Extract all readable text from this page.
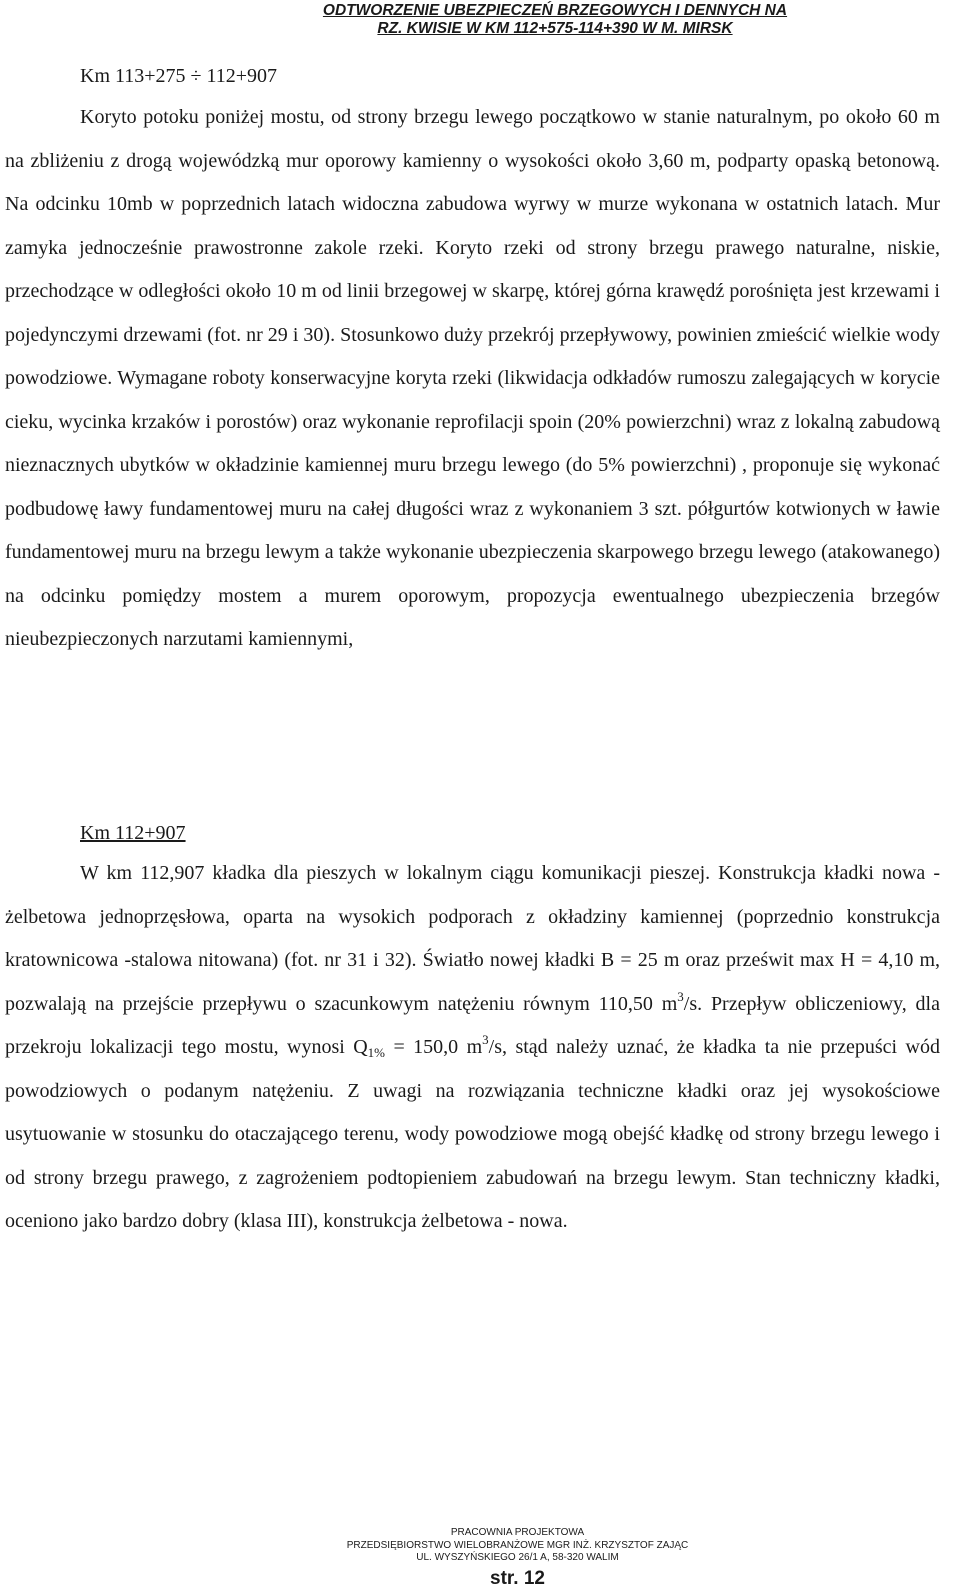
ODTWORZENIE UBEZPIECZEŃ BRZEGOWYCH I DENNYCH NA
RZ. KWISIE W KM 112+575-114+390 W M. MIRSK
Km 113+275 ÷ 112+907
Koryto potoku poniżej mostu, od strony brzegu lewego początkowo w stanie naturalnym, po około 60 m na zbliżeniu z drogą wojewódzką mur oporowy kamienny o wysokości około 3,60 m, podparty opaską betonową. Na odcinku 10mb w poprzednich latach widoczna zabudowa wyrwy w murze wykonana w ostatnich latach. Mur zamyka jednocześnie prawostronne zakole rzeki. Koryto rzeki od strony brzegu prawego naturalne, niskie, przechodzące w odległości około 10 m od linii brzegowej w skarpę, której górna krawędź porośnięta jest krzewami i pojedynczymi drzewami (fot. nr 29 i 30). Stosunkowo duży przekrój przepływowy, powinien zmieścić wielkie wody powodziowe. Wymagane roboty konserwacyjne koryta rzeki (likwidacja odkładów rumoszu zalegających w korycie cieku, wycinka krzaków i porostów) oraz wykonanie reprofilacji spoin (20% powierzchni) wraz z lokalną zabudową nieznacznych ubytków w okładzinie kamiennej muru brzegu lewego (do 5% powierzchni) , proponuje się wykonać podbudowę ławy fundamentowej muru na całej długości wraz z wykonaniem 3 szt. półgurtów kotwionych w ławie fundamentowej muru na brzegu lewym a także wykonanie ubezpieczenia skarpowego brzegu lewego (atakowanego) na odcinku pomiędzy mostem a murem oporowym, propozycja ewentualnego ubezpieczenia brzegów nieubezpieczonych narzutami kamiennymi,
Km 112+907
W km 112,907 kładka dla pieszych w lokalnym ciągu komunikacji pieszej. Konstrukcja kładki nowa - żelbetowa jednoprzęsłowa, oparta na wysokich podporach z okładziny kamiennej (poprzednio konstrukcja kratownicowa -stalowa nitowana) (fot. nr 31 i 32). Światło nowej kładki B = 25 m oraz prześwit max H = 4,10 m, pozwalają na przejście przepływu o szacunkowym natężeniu równym 110,50 $m^3/s$. Przepływ obliczeniowy, dla przekroju lokalizacji tego mostu, wynosi $Q_{1\%} = 150,0$ $m^3/s$, stąd należy uznać, że kładka ta nie przepuści wód powodziowych o podanym natężeniu. Z uwagi na rozwiązania techniczne kładki oraz jej wysokościowe usytuowanie w stosunku do otaczającego terenu, wody powodziowe mogą obejść kładkę od strony brzegu lewego i od strony brzegu prawego, z zagrożeniem podtopieniem zabudowań na brzegu lewym. Stan techniczny kładki, oceniono jako bardzo dobry (klasa III), konstrukcja żelbetowa - nowa.
PRACOWNIA PROJEKTOWA
PRZEDSIĘBIORSTWO WIELOBRANŻOWE MGR INŻ. KRZYSZTOF ZAJĄC
UL. WYSZYŃSKIEGO 26/1 A, 58-320 WALIM
str. 12
